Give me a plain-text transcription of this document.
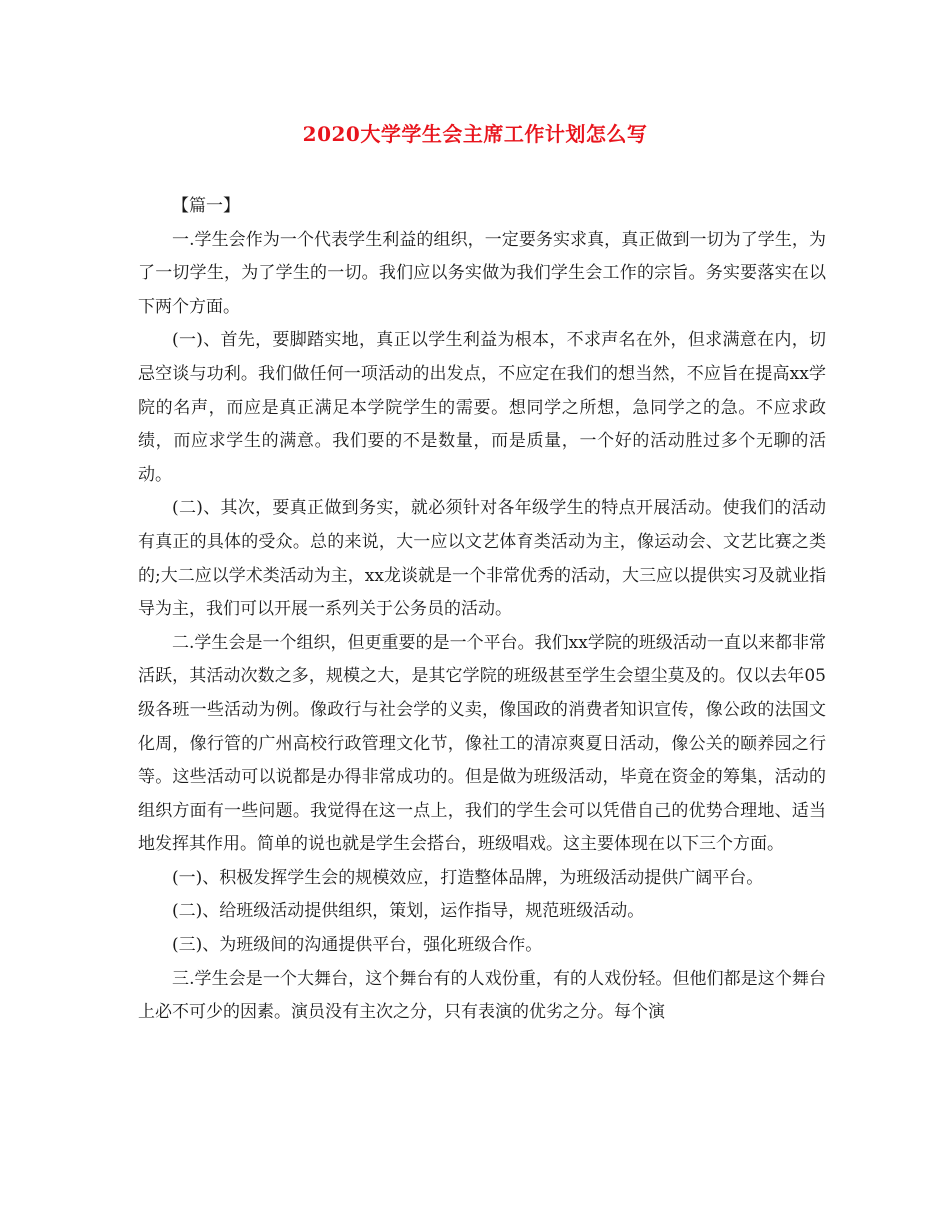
2020大学学生会主席工作计划怎么写

【篇一】

一.学生会作为一个代表学生利益的组织，一定要务实求真，真正做到一切为了学生，为了一切学生，为了学生的一切。我们应以务实做为我们学生会工作的宗旨。务实要落实在以下两个方面。

(一)、首先，要脚踏实地，真正以学生利益为根本，不求声名在外，但求满意在内，切忌空谈与功利。我们做任何一项活动的出发点，不应定在我们的想当然，不应旨在提高xx学院的名声，而应是真正满足本学院学生的需要。想同学之所想，急同学之的急。不应求政绩，而应求学生的满意。我们要的不是数量，而是质量，一个好的活动胜过多个无聊的活动。

(二)、其次，要真正做到务实，就必须针对各年级学生的特点开展活动。使我们的活动有真正的具体的受众。总的来说，大一应以文艺体育类活动为主，像运动会、文艺比赛之类的;大二应以学术类活动为主，xx龙谈就是一个非常优秀的活动，大三应以提供实习及就业指导为主，我们可以开展一系列关于公务员的活动。

二.学生会是一个组织，但更重要的是一个平台。我们xx学院的班级活动一直以来都非常活跃，其活动次数之多，规模之大，是其它学院的班级甚至学生会望尘莫及的。仅以去年05级各班一些活动为例。像政行与社会学的义卖，像国政的消费者知识宣传，像公政的法国文化周，像行管的广州高校行政管理文化节，像社工的清凉爽夏日活动，像公关的颐养园之行等。这些活动可以说都是办得非常成功的。但是做为班级活动，毕竟在资金的筹集，活动的组织方面有一些问题。我觉得在这一点上，我们的学生会可以凭借自己的优势合理地、适当地发挥其作用。简单的说也就是学生会搭台，班级唱戏。这主要体现在以下三个方面。

(一)、积极发挥学生会的规模效应，打造整体品牌，为班级活动提供广阔平台。

(二)、给班级活动提供组织，策划，运作指导，规范班级活动。

(三)、为班级间的沟通提供平台，强化班级合作。

三.学生会是一个大舞台，这个舞台有的人戏份重，有的人戏份轻。但他们都是这个舞台上必不可少的因素。演员没有主次之分，只有表演的优劣之分。每个演
